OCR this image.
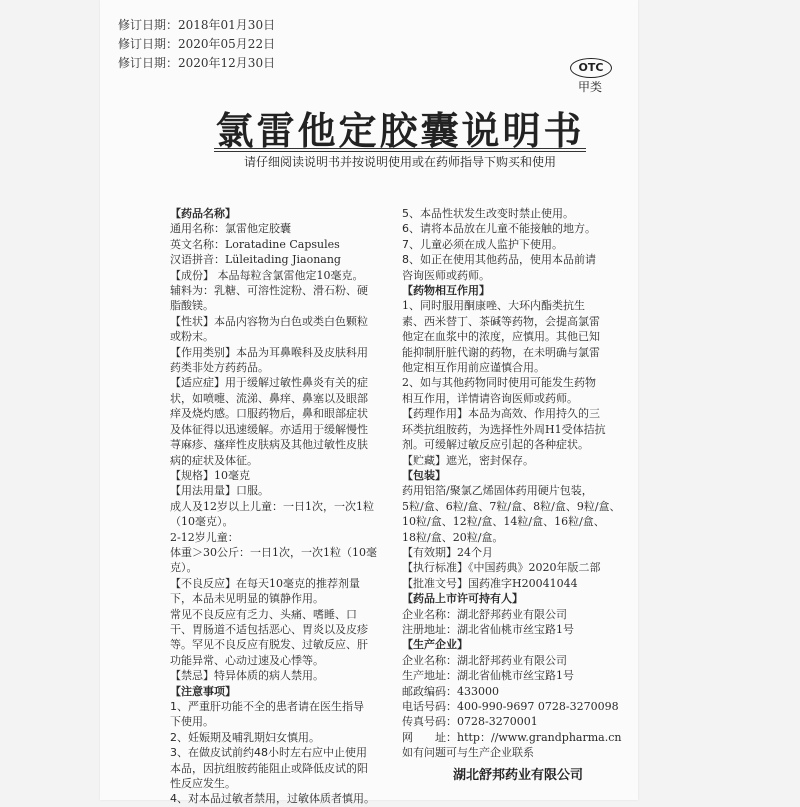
修订日期：2018年01月30日
修订日期：2020年05月22日
修订日期：2020年12月30日	OTC
甲类
氯雷他定胶囊说明书
请仔细阅读说明书并按说明使用或在药师指导下购买和使用

【药品名称】

通用名称：氯雷他定胶囊

英文名称：Loratadine Capsules

汉语拼音：Lüleitading Jiaonang

【成份】 本品每粒含氯雷他定10毫克。

辅料为：乳糖、可溶性淀粉、滑石粉、硬

脂酸镁。

【性状】本品内容物为白色或类白色颗粒

或粉末。

【作用类别】本品为耳鼻喉科及皮肤科用

药类非处方药药品。

【适应症】用于缓解过敏性鼻炎有关的症

状，如喷嚏、流涕、鼻痒、鼻塞以及眼部

痒及烧灼感。口服药物后，鼻和眼部症状

及体征得以迅速缓解。亦适用于缓解慢性

荨麻疹、瘙痒性皮肤病及其他过敏性皮肤

病的症状及体征。

【规格】10毫克

【用法用量】口服。

成人及12岁以上儿童：一日1次，一次1粒

（10毫克）。

2-12岁儿童：

体重＞30公斤：一日1次，一次1粒（10毫

克）。

【不良反应】在每天10毫克的推荐剂量

下，本品未见明显的镇静作用。

常见不良反应有乏力、头痛、嗜睡、口

干、胃肠道不适包括恶心、胃炎以及皮疹

等。罕见不良反应有脱发、过敏反应、肝

功能异常、心动过速及心悸等。

【禁忌】特异体质的病人禁用。

【注意事项】

1、严重肝功能不全的患者请在医生指导

下使用。

2、妊娠期及哺乳期妇女慎用。

3、在做皮试前约48小时左右应中止使用

本品，因抗组胺药能阻止或降低皮试的阳

性反应发生。

4、对本品过敏者禁用，过敏体质者慎用。

5、本品性状发生改变时禁止使用。

6、请将本品放在儿童不能接触的地方。

7、儿童必须在成人监护下使用。

8、如正在使用其他药品，使用本品前请

咨询医师或药师。

【药物相互作用】

1、同时服用酮康唑、大环内酯类抗生

素、西米替丁、茶碱等药物，会提高氯雷

他定在血浆中的浓度，应慎用。其他已知

能抑制肝脏代谢的药物，在未明确与氯雷

他定相互作用前应谨慎合用。

2、如与其他药物同时使用可能发生药物

相互作用，详情请咨询医师或药师。

【药理作用】本品为高效、作用持久的三

环类抗组胺药，为选择性外周H1受体拮抗

剂。可缓解过敏反应引起的各种症状。

【贮藏】遮光，密封保存。

【包装】

药用铝箔/聚氯乙烯固体药用硬片包装，

5粒/盒、6粒/盒、7粒/盒、8粒/盒、9粒/盒、

10粒/盒、12粒/盒、14粒/盒、16粒/盒、

18粒/盒、20粒/盒。

【有效期】24个月

【执行标准】《中国药典》2020年版二部

【批准文号】国药准字H20041044

【药品上市许可持有人】

企业名称：湖北舒邦药业有限公司

注册地址：湖北省仙桃市丝宝路1号

【生产企业】

企业名称：湖北舒邦药业有限公司

生产地址：湖北省仙桃市丝宝路1号

邮政编码：433000

电话号码：400-990-9697 0728-3270098

传真号码：0728-3270001

网　　址：http：//www.grandpharma.cn

如有问题可与生产企业联系

湖北舒邦药业有限公司
